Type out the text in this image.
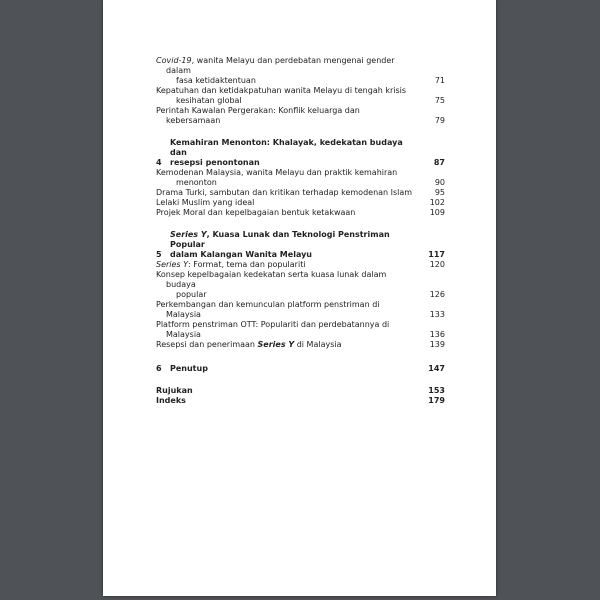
Covid-19, wanita Melayu dan perdebatan mengenai gender dalam
fasa ketidaktentuan	71
Kepatuhan dan ketidakpatuhan wanita Melayu di tengah krisis
kesihatan global	75
Perintah Kawalan Pergerakan: Konflik keluarga dan kebersamaan	79
4
Kemahiran Menonton: Khalayak, kedekatan budaya dan
resepsi penontonan	87
Kemodenan Malaysia, wanita Melayu dan praktik kemahiran
menonton	90
Drama Turki, sambutan dan kritikan terhadap kemodenan Islam	95
Lelaki Muslim yang ideal	102
Projek Moral dan kepelbagaian bentuk ketakwaan	109
5
Series Y, Kuasa Lunak dan Teknologi Penstriman Popular
dalam Kalangan Wanita Melayu	117
Series Y: Format, tema dan populariti	120
Konsep kepelbagaian kedekatan serta kuasa lunak dalam budaya
popular	126
Perkembangan dan kemunculan platform penstriman di Malaysia	133
Platform penstriman OTT: Populariti dan perdebatannya di Malaysia	136
Resepsi dan penerimaan Series Y di Malaysia	139
6	Penutup	147
Rujukan	153
Indeks	179
